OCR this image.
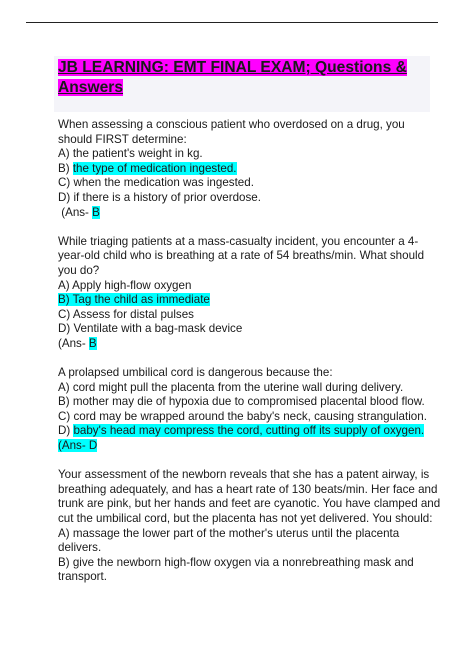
JB LEARNING: EMT FINAL EXAM; Questions &
Answers
When assessing a conscious patient who overdosed on a drug, you should FIRST determine:
A) the patient's weight in kg.
B) the type of medication ingested.
C) when the medication was ingested.
D) if there is a history of prior overdose.
(Ans- B
While triaging patients at a mass-casualty incident, you encounter a 4-year-old child who is breathing at a rate of 54 breaths/min. What should you do?
A) Apply high-flow oxygen
B) Tag the child as immediate
C) Assess for distal pulses
D) Ventilate with a bag-mask device
(Ans- B
A prolapsed umbilical cord is dangerous because the:
A) cord might pull the placenta from the uterine wall during delivery.
B) mother may die of hypoxia due to compromised placental blood flow.
C) cord may be wrapped around the baby's neck, causing strangulation.
D) baby's head may compress the cord, cutting off its supply of oxygen.
(Ans- D
Your assessment of the newborn reveals that she has a patent airway, is breathing adequately, and has a heart rate of 130 beats/min. Her face and trunk are pink, but her hands and feet are cyanotic. You have clamped and cut the umbilical cord, but the placenta has not yet delivered. You should:
A) massage the lower part of the mother's uterus until the placenta delivers.
B) give the newborn high-flow oxygen via a nonrebreathing mask and transport.
